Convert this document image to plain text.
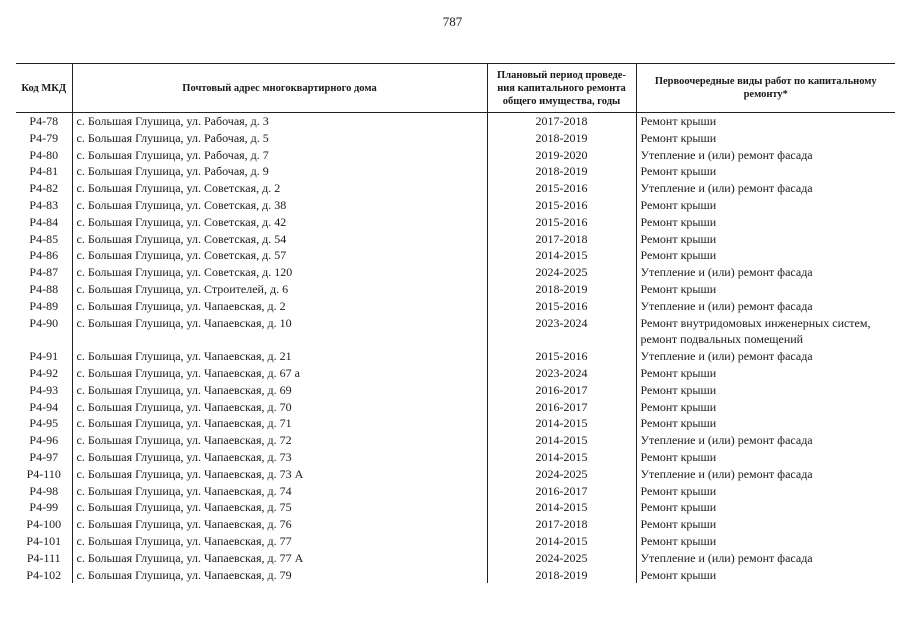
787
Код МКД	Почтовый адрес многоквартирного дома	Плановый период проведе-ния капитального ремонта общего имущества, годы	Первоочередные виды работ по капитальному ремонту*
Р4-78	с. Большая Глушица, ул. Рабочая, д. 3	2017-2018	Ремонт крыши
Р4-79	с. Большая Глушица, ул. Рабочая, д. 5	2018-2019	Ремонт крыши
Р4-80	с. Большая Глушица, ул. Рабочая, д. 7	2019-2020	Утепление и (или) ремонт фасада
Р4-81	с. Большая Глушица, ул. Рабочая, д. 9	2018-2019	Ремонт крыши
Р4-82	с. Большая Глушица, ул. Советская, д. 2	2015-2016	Утепление и (или) ремонт фасада
Р4-83	с. Большая Глушица, ул. Советская, д. 38	2015-2016	Ремонт крыши
Р4-84	с. Большая Глушица, ул. Советская, д. 42	2015-2016	Ремонт крыши
Р4-85	с. Большая Глушица, ул. Советская, д. 54	2017-2018	Ремонт крыши
Р4-86	с. Большая Глушица, ул. Советская, д. 57	2014-2015	Ремонт крыши
Р4-87	с. Большая Глушица, ул. Советская, д. 120	2024-2025	Утепление и (или) ремонт фасада
Р4-88	с. Большая Глушица, ул. Строителей, д. 6	2018-2019	Ремонт крыши
Р4-89	с. Большая Глушица, ул. Чапаевская, д. 2	2015-2016	Утепление и (или) ремонт фасада
Р4-90	с. Большая Глушица, ул. Чапаевская, д. 10	2023-2024	Ремонт внутридомовых инженерных систем, ремонт подвальных помещений
Р4-91	с. Большая Глушица, ул. Чапаевская, д. 21	2015-2016	Утепление и (или) ремонт фасада
Р4-92	с. Большая Глушица, ул. Чапаевская, д. 67 а	2023-2024	Ремонт крыши
Р4-93	с. Большая Глушица, ул. Чапаевская, д. 69	2016-2017	Ремонт крыши
Р4-94	с. Большая Глушица, ул. Чапаевская, д. 70	2016-2017	Ремонт крыши
Р4-95	с. Большая Глушица, ул. Чапаевская, д. 71	2014-2015	Ремонт крыши
Р4-96	с. Большая Глушица, ул. Чапаевская, д. 72	2014-2015	Утепление и (или) ремонт фасада
Р4-97	с. Большая Глушица, ул. Чапаевская, д. 73	2014-2015	Ремонт крыши
Р4-110	с. Большая Глушица, ул. Чапаевская, д. 73 А	2024-2025	Утепление и (или) ремонт фасада
Р4-98	с. Большая Глушица, ул. Чапаевская, д. 74	2016-2017	Ремонт крыши
Р4-99	с. Большая Глушица, ул. Чапаевская, д. 75	2014-2015	Ремонт крыши
Р4-100	с. Большая Глушица, ул. Чапаевская, д. 76	2017-2018	Ремонт крыши
Р4-101	с. Большая Глушица, ул. Чапаевская, д. 77	2014-2015	Ремонт крыши
Р4-111	с. Большая Глушица, ул. Чапаевская, д. 77 А	2024-2025	Утепление и (или) ремонт фасада
Р4-102	с. Большая Глушица, ул. Чапаевская, д. 79	2018-2019	Ремонт крыши
